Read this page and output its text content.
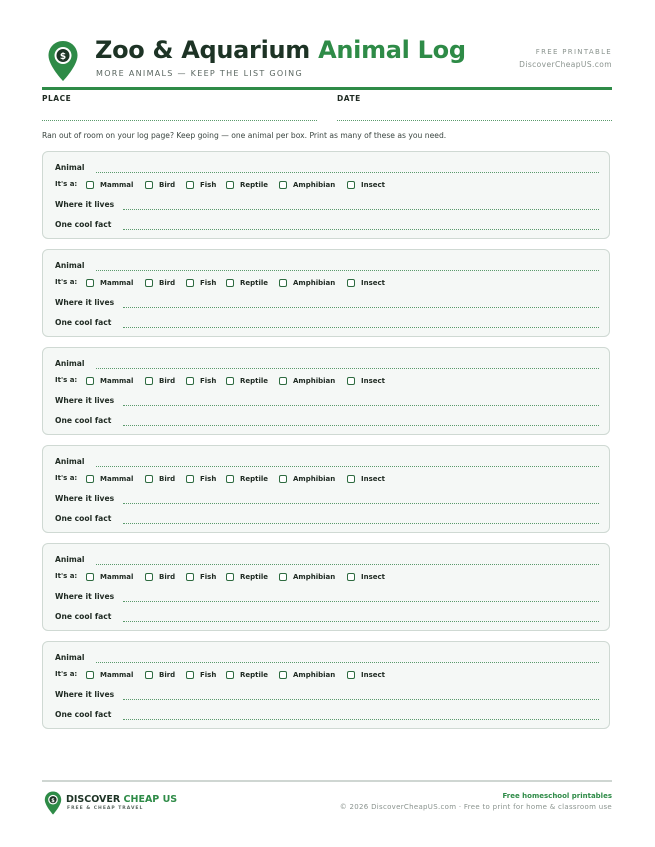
$ Zoo & Aquarium Animal Log
MORE ANIMALS — KEEP THE LIST GOING
FREE PRINTABLE
DiscoverCheapUS.com
PLACE	DATE
Ran out of room on your log page? Keep going — one animal per box. Print as many of these as you need.
Animal
It's a:	Mammal	Bird	Fish	Reptile	Amphibian	Insect
Where it lives
One cool fact
Animal
It's a:	Mammal	Bird	Fish	Reptile	Amphibian	Insect
Where it lives
One cool fact
Animal
It's a:	Mammal	Bird	Fish	Reptile	Amphibian	Insect
Where it lives
One cool fact
Animal
It's a:	Mammal	Bird	Fish	Reptile	Amphibian	Insect
Where it lives
One cool fact
Animal
It's a:	Mammal	Bird	Fish	Reptile	Amphibian	Insect
Where it lives
One cool fact
Animal
It's a:	Mammal	Bird	Fish	Reptile	Amphibian	Insect
Where it lives
One cool fact
$ DISCOVER CHEAP US
FREE & CHEAP TRAVEL
Free homeschool printables
© 2026 DiscoverCheapUS.com · Free to print for home & classroom use
